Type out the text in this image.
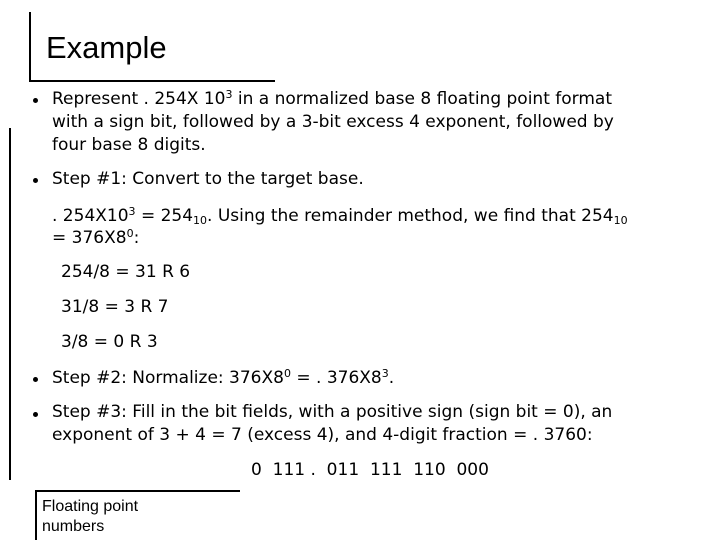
Example
Represent . 254X $10^3$ in a normalized base 8 floating point format
with a sign bit, followed by a 3-bit excess 4 exponent, followed by
four base 8 digits.
Step #1: Convert to the target base.
. $254X10^3 = 254_{10}$. Using the remainder method, we find that $254_{10}$
= $376X8^0$:
254/8 = 31 R 6
31/8 = 3 R 7
3/8 = 0 R 3
Step #2: Normalize: $376X8^0$ = . $376X8^3$.
Step #3: Fill in the bit fields, with a positive sign (sign bit = 0), an
exponent of 3 + 4 = 7 (excess 4), and 4-digit fraction = . 3760:
0  111 .  011  111  110  000
Floating point
numbers
